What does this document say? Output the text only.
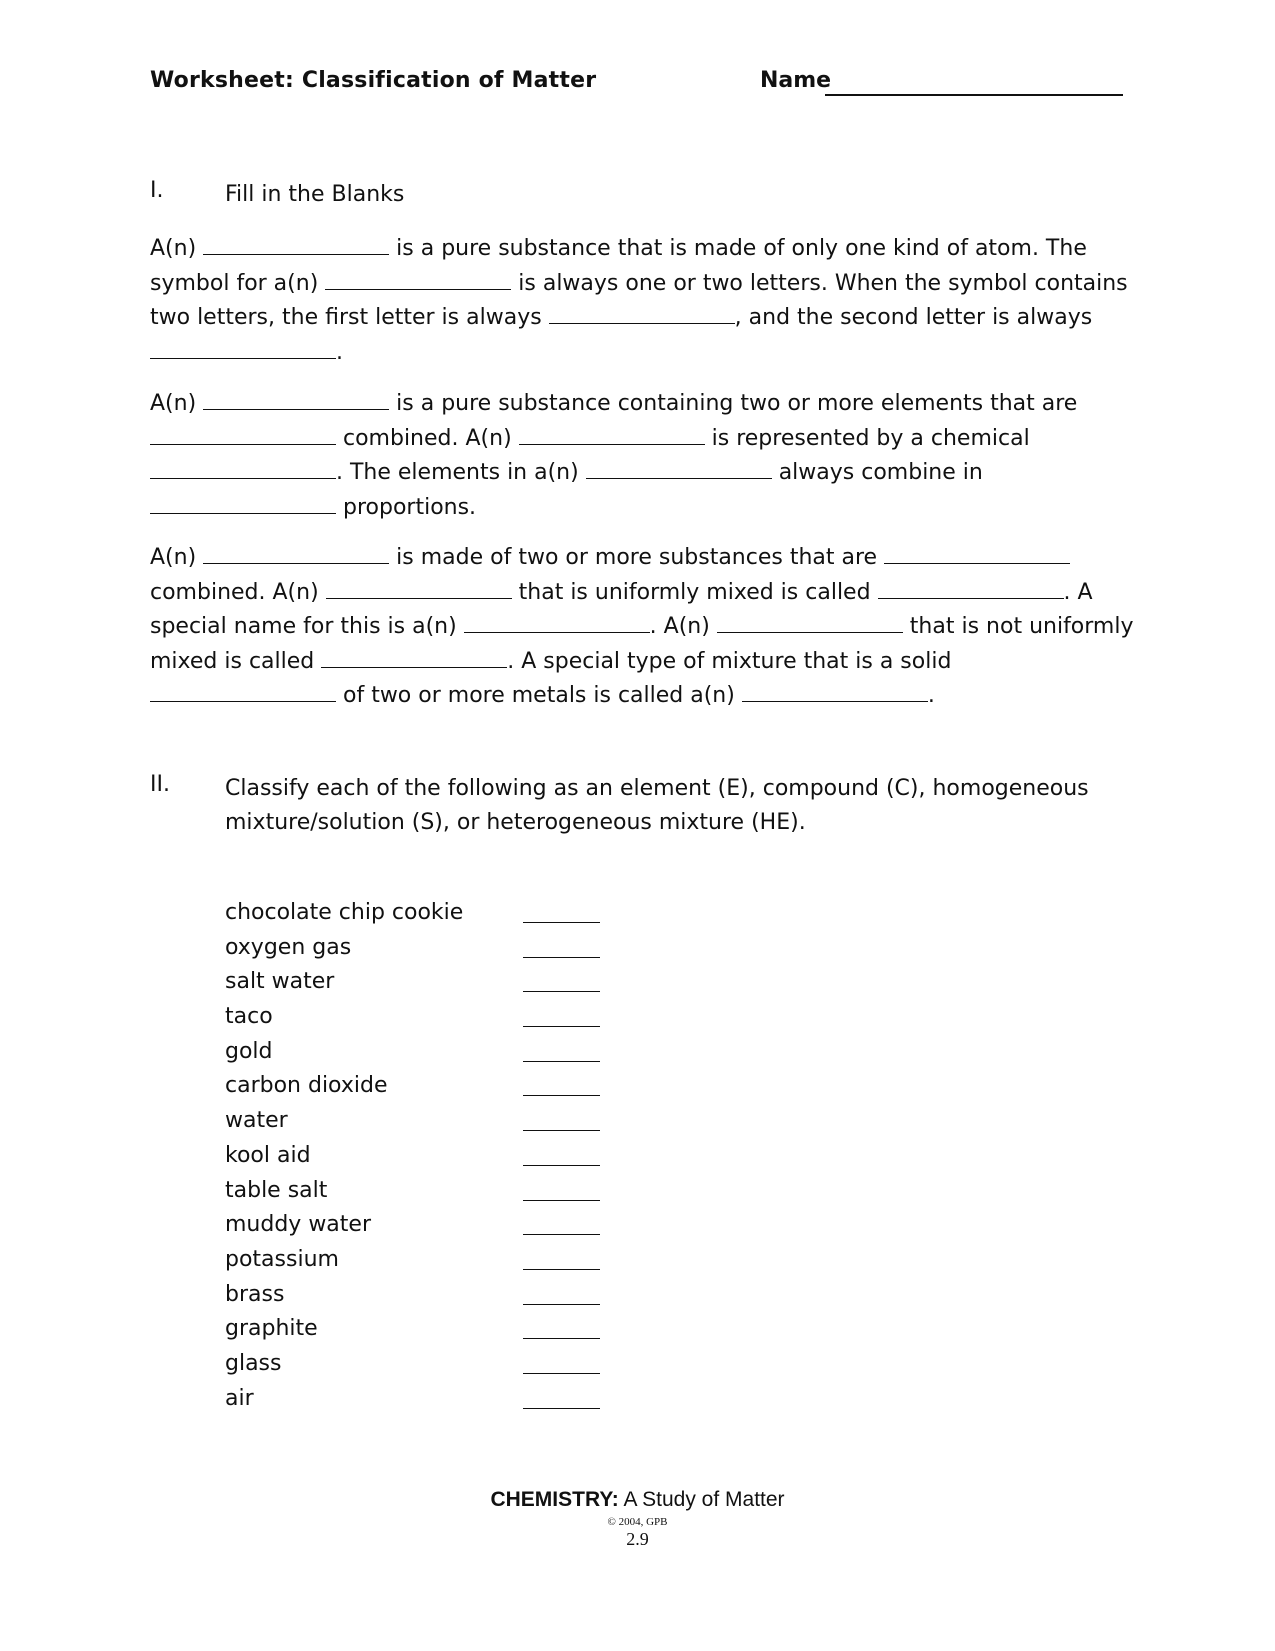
Worksheet: Classification of Matter	Name
I.	Fill in the Blanks
A(n)	is a pure substance that is made of only one kind of atom. The symbol for a(n)	is always one or two letters. When the symbol contains two letters, the first letter is always	, and the second letter is always .
A(n)	is a pure substance containing two or more elements that are  combined. A(n)	is represented by a chemical . The elements in a(n)	always combine in  proportions.
A(n)	is made of two or more substances that are  combined. A(n)	that is uniformly mixed is called	. A special name for this is a(n)	. A(n)	that is not uniformly mixed is called	. A special type of mixture that is a solid  of two or more metals is called a(n)	.
II.	Classify each of the following as an element (E), compound (C), homogeneous mixture/solution (S), or heterogeneous mixture (HE).
chocolate chip cookie
oxygen gas
salt water
taco
gold
carbon dioxide
water
kool aid
table salt
muddy water
potassium
brass
graphite
glass
air
CHEMISTRY: A Study of Matter
© 2004, GPB
2.9
